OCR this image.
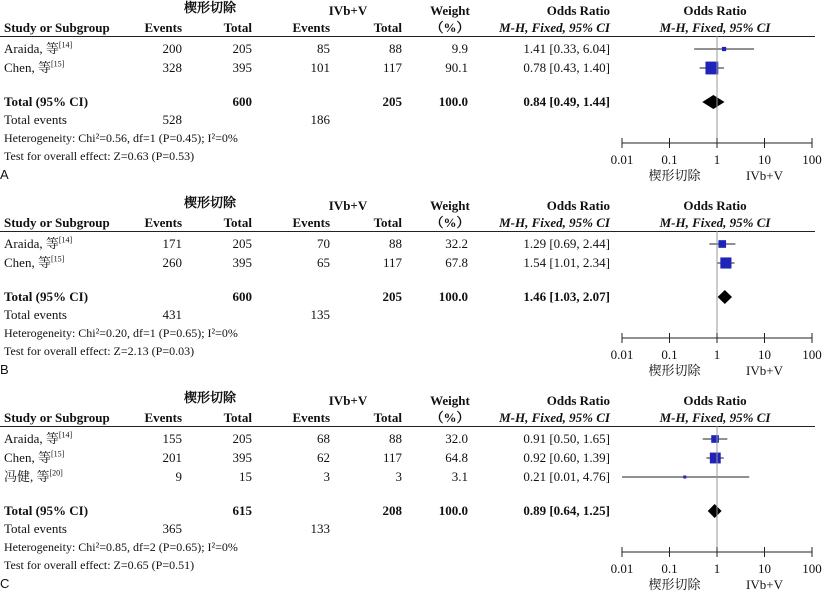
楔形切除	IVb+V	Weight	Odds Ratio	Odds Ratio
Study or Subgroup	Events	Total	Events	Total	（%）	M-H, Fixed, 95% CI	M-H, Fixed, 95% CI
0.01 0.1	1	10 100
楔形切除	IVb+V
Araida, 等[14]	200	205	85	88	9.9	1.41 [0.33, 6.04]
Chen, 等[15]	328	395	101	117	90.1	0.78 [0.43, 1.40]
Total (95% CI)	600	205	100.0	0.84 [0.49, 1.44]
Total events	528	186
Heterogeneity: Chi²=0.56, df=1 (P=0.45); I²=0%
Test for overall effect: Z=0.63 (P=0.53)
A
楔形切除	IVb+V	Weight	Odds Ratio	Odds Ratio
Study or Subgroup	Events	Total	Events	Total	（%）	M-H, Fixed, 95% CI	M-H, Fixed, 95% CI
0.01 0.1	1	10 100
楔形切除	IVb+V
Araida, 等[14]	171	205	70	88	32.2	1.29 [0.69, 2.44]
Chen, 等[15]	260	395	65	117	67.8	1.54 [1.01, 2.34]
Total (95% CI)	600	205	100.0	1.46 [1.03, 2.07]
Total events	431	135
Heterogeneity: Chi²=0.20, df=1 (P=0.65); I²=0%
Test for overall effect: Z=2.13 (P=0.03)
B
楔形切除	IVb+V	Weight	Odds Ratio	Odds Ratio
Study or Subgroup	Events	Total	Events	Total	（%）	M-H, Fixed, 95% CI	M-H, Fixed, 95% CI
0.01 0.1	1	10 100
楔形切除	IVb+V
Araida, 等[14]	155	205	68	88	32.0	0.91 [0.50, 1.65]
Chen, 等[15]	201	395	62	117	64.8	0.92 [0.60, 1.39]
冯健, 等[20]	9	15	3	3	3.1	0.21 [0.01, 4.76]
Total (95% CI)	615	208	100.0	0.89 [0.64, 1.25]
Total events	365	133
Heterogeneity: Chi²=0.85, df=2 (P=0.65); I²=0%
Test for overall effect: Z=0.65 (P=0.51)
C
